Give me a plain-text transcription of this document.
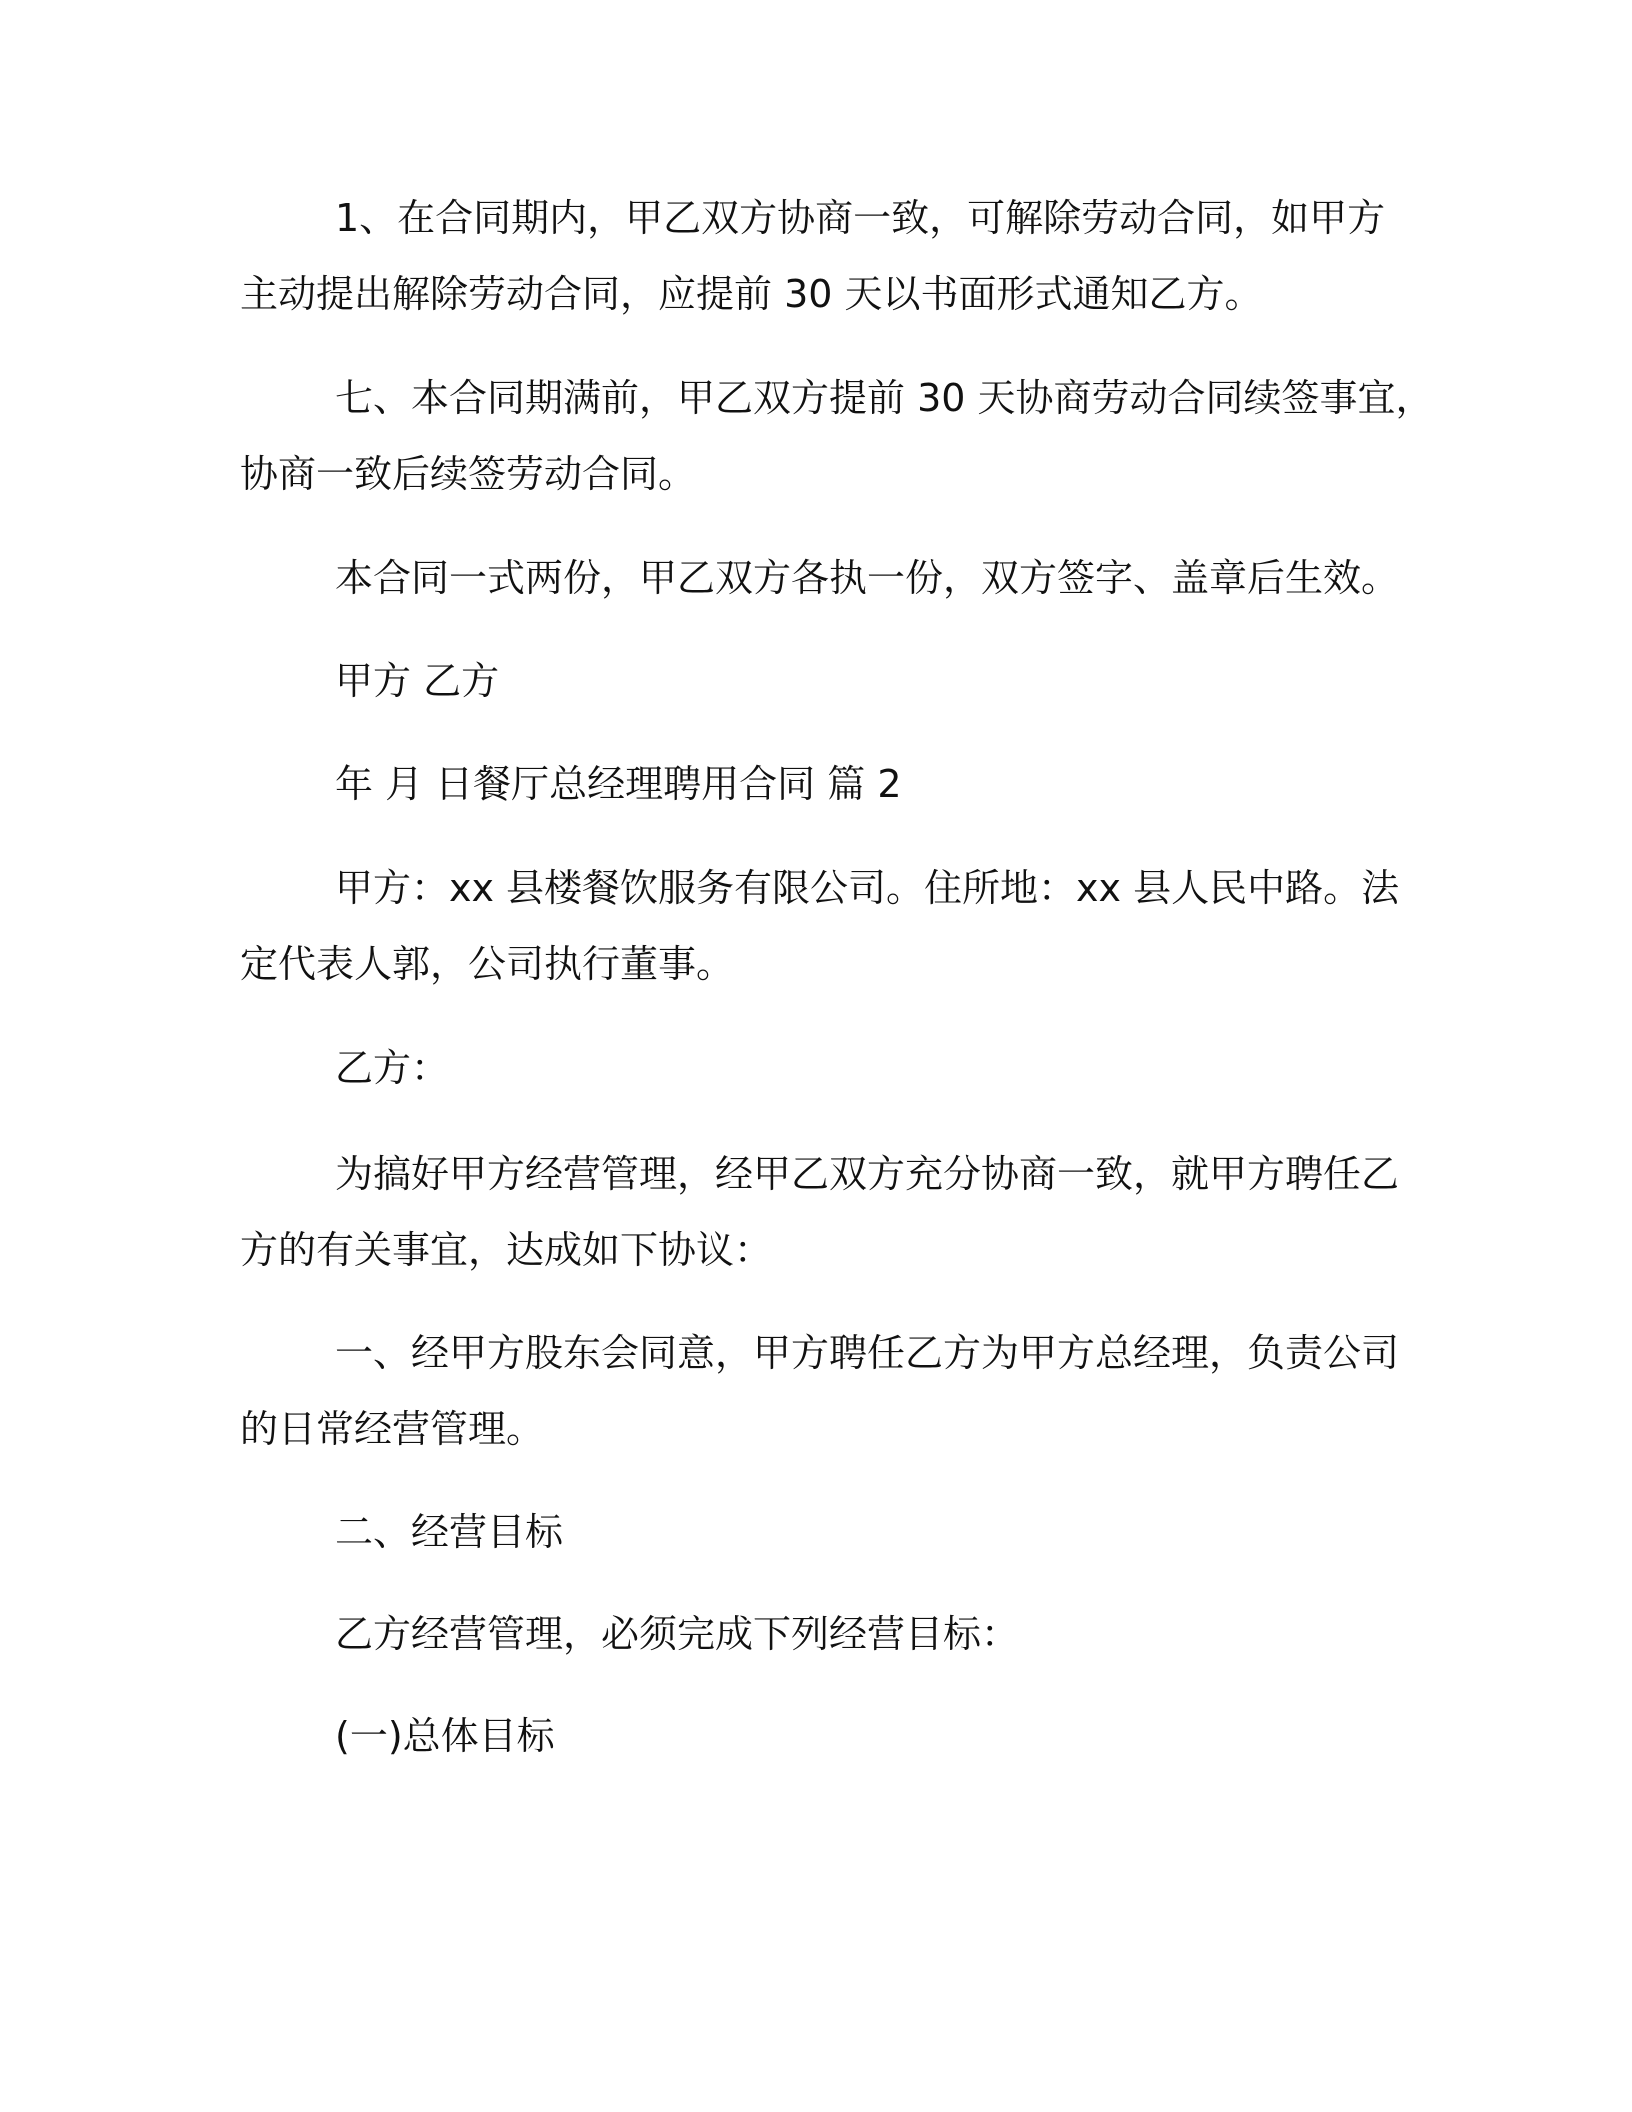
1、在合同期内，甲乙双方协商一致，可解除劳动合同，如甲方
主动提出解除劳动合同，应提前 30 天以书面形式通知乙方。

七、本合同期满前，甲乙双方提前 30 天协商劳动合同续签事宜，
协商一致后续签劳动合同。

本合同一式两份，甲乙双方各执一份，双方签字、盖章后生效。

甲方 乙方

年 月 日餐厅总经理聘用合同 篇 2

甲方：xx 县楼餐饮服务有限公司。住所地：xx 县人民中路。法
定代表人郭，公司执行董事。

乙方：

为搞好甲方经营管理，经甲乙双方充分协商一致，就甲方聘任乙
方的有关事宜，达成如下协议：

一、经甲方股东会同意，甲方聘任乙方为甲方总经理，负责公司
的日常经营管理。

二、经营目标

乙方经营管理，必须完成下列经营目标：

(一)总体目标
